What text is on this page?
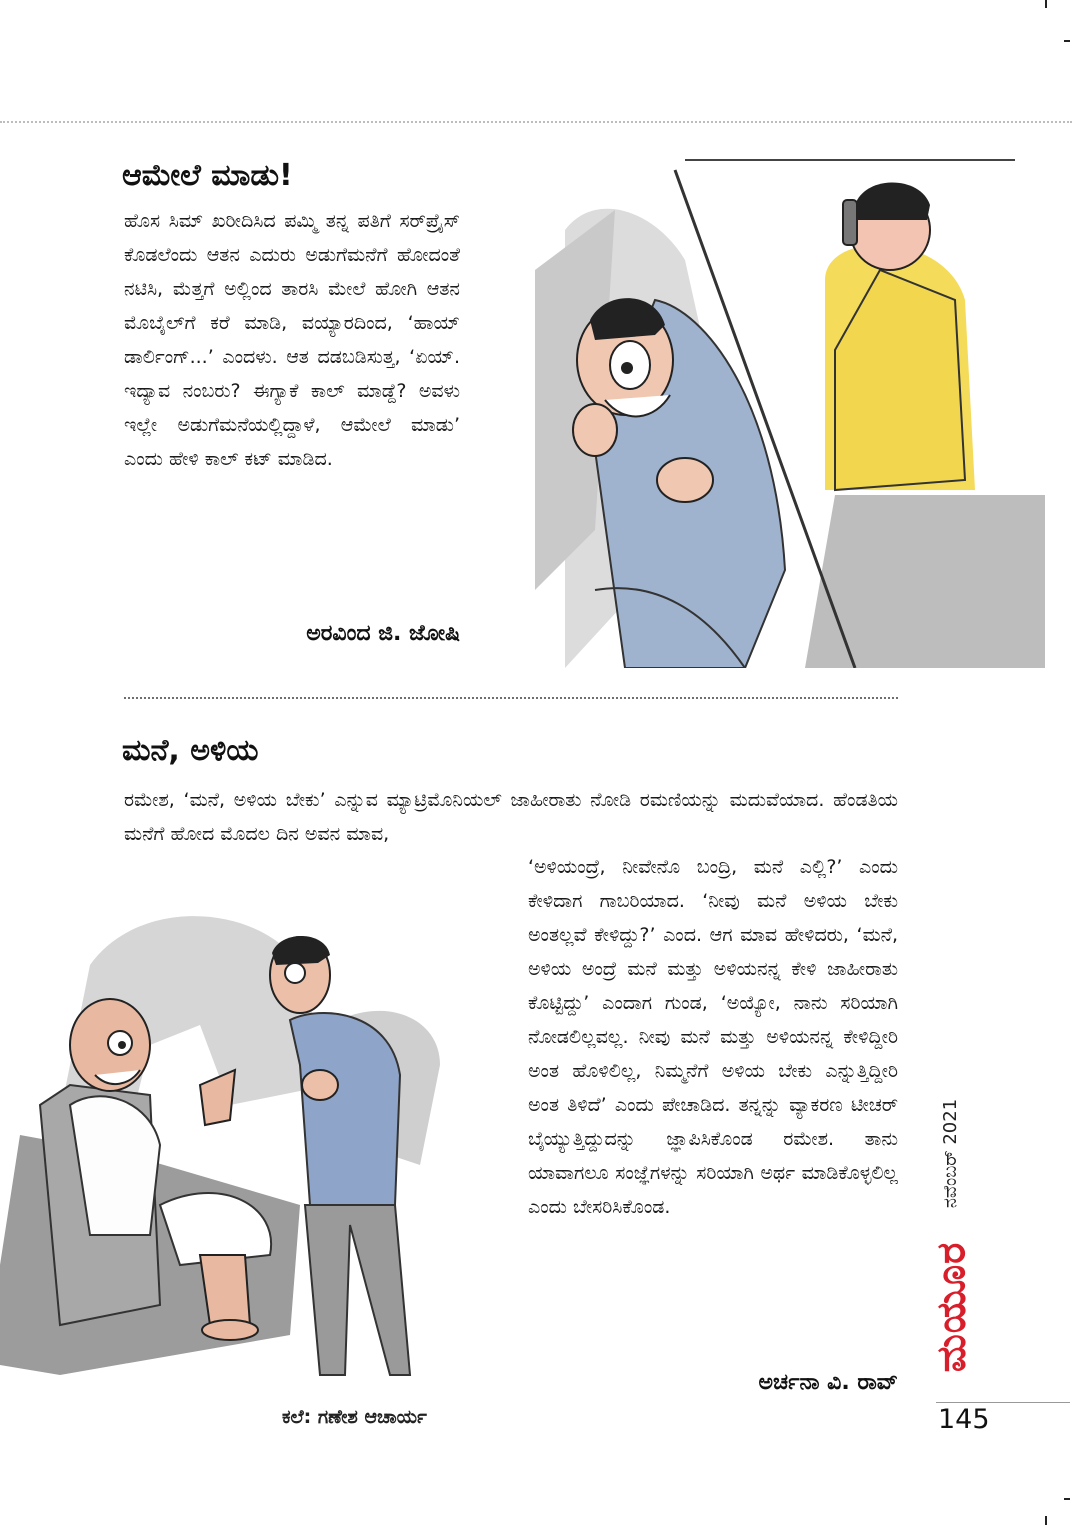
ಆಮೇಲೆ ಮಾಡು!

ಹೊಸ ಸಿಮ್ ಖರೀದಿಸಿದ ಪಮ್ಮಿ ತನ್ನ ಪತಿಗೆ ಸರ್‌ಪ್ರೈಸ್ ಕೊಡಲೆಂದು ಆತನ ಎದುರು ಅಡುಗೆಮನೆಗೆ ಹೋದಂತೆ ನಟಿಸಿ, ಮೆತ್ತಗೆ ಅಲ್ಲಿಂದ ತಾರಸಿ ಮೇಲೆ ಹೋಗಿ ಆತನ ಮೊಬೈಲ್‌ಗೆ ಕರೆ ಮಾಡಿ, ವಯ್ಯಾರದಿಂದ, ‘ಹಾಯ್ ಡಾರ್ಲಿಂಗ್...’ ಎಂದಳು. ಆತ ದಡಬಡಿಸುತ್ತ, ‘ಏಯ್. ಇದ್ಯಾವ ನಂಬರು? ಈಗ್ಯಾಕೆ ಕಾಲ್ ಮಾಡ್ದೆ? ಅವಳು ಇಲ್ಲೇ ಅಡುಗೆಮನೆಯಲ್ಲಿದ್ದಾಳೆ, ಆಮೇಲೆ ಮಾಡು’ ಎಂದು ಹೇಳಿ ಕಾಲ್ ಕಟ್ ಮಾಡಿದ.

ಅರವಿಂದ ಜಿ. ಜೋಷಿ
ಮನೆ, ಅಳಿಯ

ರಮೇಶ, ‘ಮನೆ, ಅಳಿಯ ಬೇಕು’ ಎನ್ನುವ ಮ್ಯಾಟ್ರಿಮೊನಿಯಲ್ ಜಾಹೀರಾತು ನೋಡಿ ರಮಣಿಯನ್ನು ಮದುವೆಯಾದ. ಹೆಂಡತಿಯ ಮನೆಗೆ ಹೋದ ಮೊದಲ ದಿನ ಅವನ ಮಾವ,

‘ಅಳಿಯಂದ್ರೆ, ನೀವೇನೊ ಬಂದ್ರಿ, ಮನೆ ಎಲ್ಲಿ?’ ಎಂದು ಕೇಳಿದಾಗ ಗಾಬರಿಯಾದ. ‘ನೀವು ಮನೆ ಅಳಿಯ ಬೇಕು ಅಂತಲ್ಲವೆ ಕೇಳಿದ್ದು?’ ಎಂದ. ಆಗ ಮಾವ ಹೇಳಿದರು, ‘ಮನೆ, ಅಳಿಯ ಅಂದ್ರೆ ಮನೆ ಮತ್ತು ಅಳಿಯನನ್ನ ಕೇಳಿ ಜಾಹೀರಾತು ಕೊಟ್ಟಿದ್ದು’ ಎಂದಾಗ ಗುಂಡ, ‘ಅಯ್ಯೋ, ನಾನು ಸರಿಯಾಗಿ ನೋಡಲಿಲ್ಲವಲ್ಲ. ನೀವು ಮನೆ ಮತ್ತು ಅಳಿಯನನ್ನ ಕೇಳಿದ್ದೀರಿ ಅಂತ ಹೊಳಿಲಿಲ್ಲ, ನಿಮ್ಮನೆಗೆ ಅಳಿಯ ಬೇಕು ಎನ್ನುತ್ತಿದ್ದೀರಿ ಅಂತ ತಿಳಿದೆ’ ಎಂದು ಪೇಚಾಡಿದ. ತನ್ನನ್ನು ವ್ಯಾಕರಣ ಟೀಚರ್ ಬೈಯ್ಯುತ್ತಿದ್ದುದನ್ನು ಜ್ಞಾಪಿಸಿಕೊಂಡ ರಮೇಶ. ತಾನು ಯಾವಾಗಲೂ ಸಂಜ್ಞೆಗಳನ್ನು ಸರಿಯಾಗಿ ಅರ್ಥ ಮಾಡಿಕೊಳ್ಳಲಿಲ್ಲ ಎಂದು ಬೇಸರಿಸಿಕೊಂಡ.

ಅರ್ಚನಾ ವಿ. ರಾವ್
ಕಲೆ: ಗಣೇಶ ಆಚಾರ್ಯ
ನವೆಂಬರ್ 2021
ಮಯೂರ
145
